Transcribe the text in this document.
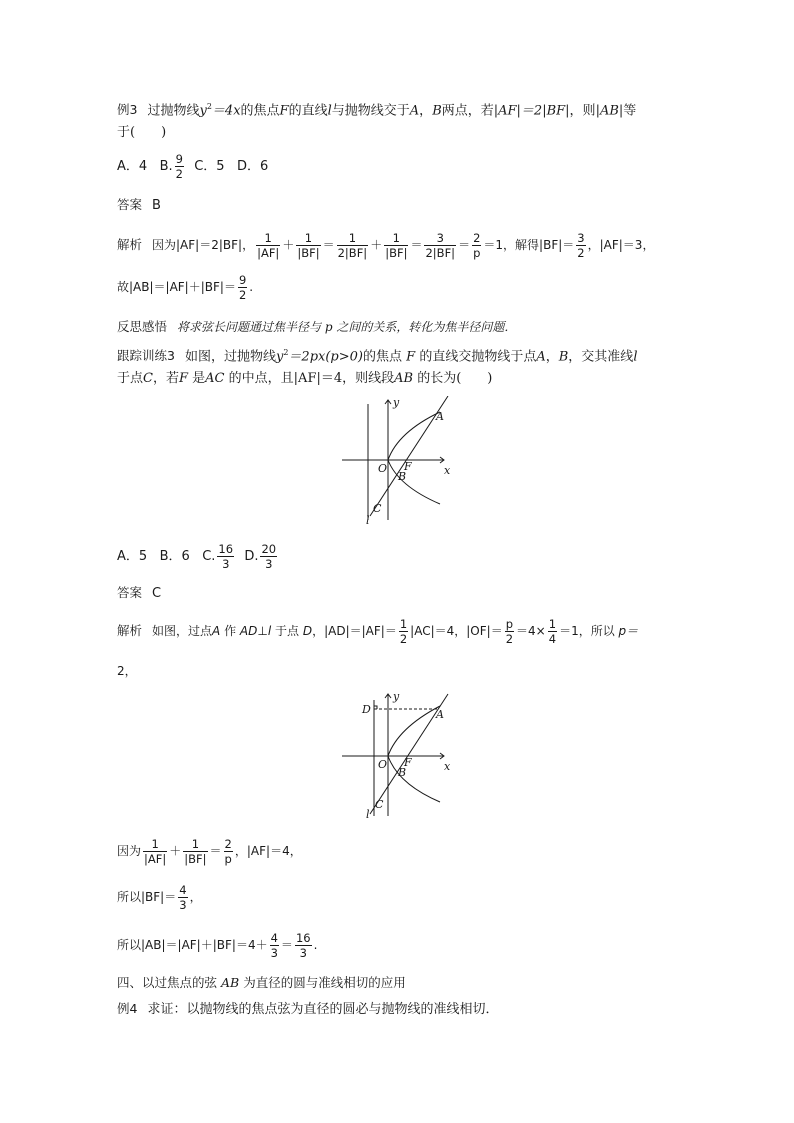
例3 过抛物线$y^2=4x$的焦点F的直线l与抛物线交于A，B两点，若|AF|＝2|BF|，则|AB|等
于(　　)
A．4 B. $\frac{9}{2}$ C．5 D．6
答案 B
解析 因为|AF|＝2|BF|， $\frac{1}{|AF|} + \frac{1}{|BF|} = \frac{1}{2|BF|} + \frac{1}{|BF|} = \frac{3}{2|BF|} = \frac{2}{p} =1$，解得$|BF|= \frac{3}{2}$ ，|AF|＝3，
故$|AB|=|AF|+|BF|= \frac{9}{2}$ .
反思感悟 将求弦长问题通过焦半径与 p 之间的关系，转化为焦半径问题．
跟踪训练3 如图，过抛物线$y^2=2px(p>0)$的焦点 F 的直线交抛物线于点A，B，交其准线l
于点C，若F 是AC 的中点，且|AF|＝4，则线段AB 的长为(　　)
y
x
O F
B
A
C
l
A．5 B．6 C. $\frac{16}{3} D$. $\frac{20}{3}$
答案 C
解析 如图，过点A 作 AD⊥l 于点 D，$|AD|=|AF|= \frac{1}{2} |AC|=4$，$|OF|= \frac{p}{2} =4\times \frac{1}{4} =1$，所以 p＝
2，
D
y
x
O F
B
A
C
l
因为 $\frac{1}{|AF|} + \frac{1}{|BF|} = \frac{2}{p}$ ，|AF|＝4，
所以$|BF|= \frac{4}{3}$ ，
所以$|AB|=|AF|+|BF|=4+ \frac{4}{3} = \frac{16}{3}$ .
四、以过焦点的弦 AB 为直径的圆与准线相切的应用
例4 求证：以抛物线的焦点弦为直径的圆必与抛物线的准线相切．
